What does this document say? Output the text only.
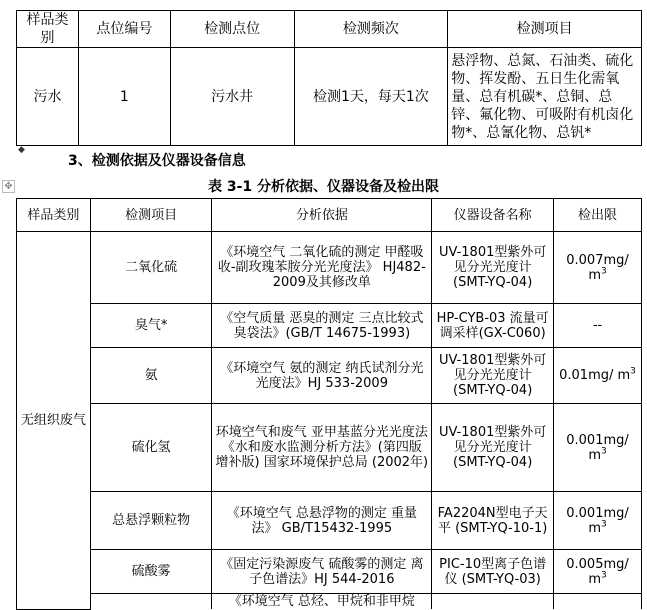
样品类别	点位编号	检测点位	检测频次	检测项目
污水	1	污水井	检测1天，每天1次	悬浮物、总氮、石油类、硫化物、挥发酚、五日生化需氧量、总有机碳*、总铜、总锌、氟化物、可吸附有机卤化物*、总氰化物、总钒*
◆
3、检测依据及仪器设备信息
✥	表 3-1 分析依据、仪器设备及检出限
样品类别	检测项目	分析依据	仪器设备名称	检出限
无组织废气	二氧化硫	《环境空气 二氧化硫的测定 甲醛吸收-副玫瑰苯胺分光光度法》 HJ482-2009及其修改单	UV-1801型紫外可见分光光度计 (SMT-YQ-04)	0.007mg/ $m^3$
	臭气*	《空气质量 恶臭的测定 三点比较式臭袋法》(GB/T 14675-1993)	HP-CYB-03 流量可调采样(GX-C060)	--
	氨	《环境空气 氨的测定 纳氏试剂分光光度法》HJ 533-2009	UV-1801型紫外可见分光光度计 (SMT-YQ-04)	0.01mg/ $m^3$
	硫化氢	环境空气和废气 亚甲基蓝分光光度法《水和废水监测分析方法》(第四版增补版) 国家环境保护总局 (2002年)	UV-1801型紫外可见分光光度计 (SMT-YQ-04)	0.001mg/ $m^3$
	总悬浮颗粒物	《环境空气 总悬浮物的测定 重量法》 GB/T15432-1995	FA2204N型电子天平 (SMT-YQ-10-1)	0.001mg/ $m^3$
	硫酸雾	《固定污染源废气 硫酸雾的测定 离子色谱法》HJ 544-2016	PIC-10型离子色谱仪 (SMT-YQ-03)	0.005mg/ $m^3$
		《环境空气 总烃、甲烷和非甲烷		
